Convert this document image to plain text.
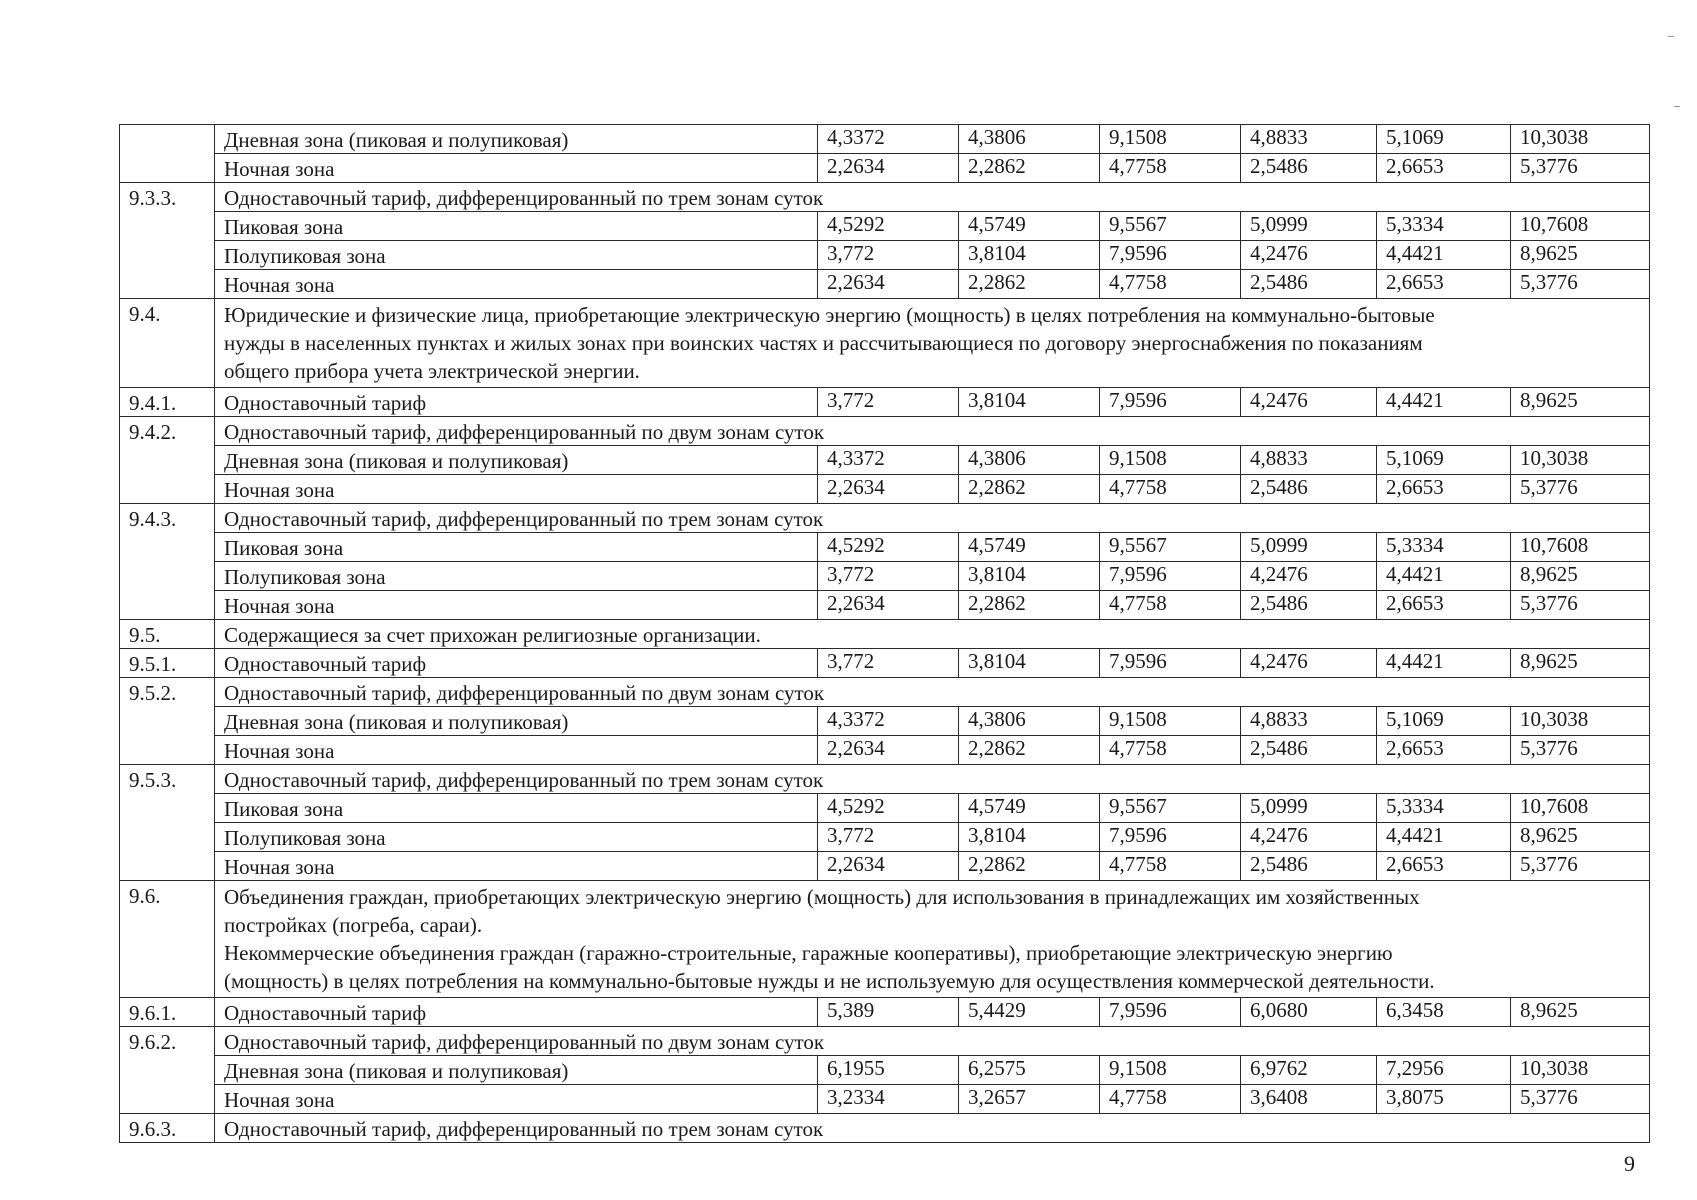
	Дневная зона (пиковая и полупиковая)	4,3372	4,3806	9,1508	4,8833	5,1069	10,3038
	Ночная зона	2,2634	2,2862	4,7758	2,5486	2,6653	5,3776
9.3.3.	Одноставочный тариф, дифференцированный по трем зонам суток						
	Пиковая зона	4,5292	4,5749	9,5567	5,0999	5,3334	10,7608
	Полупиковая зона	3,772	3,8104	7,9596	4,2476	4,4421	8,9625
	Ночная зона	2,2634	2,2862	4,7758	2,5486	2,6653	5,3776
9.4.	Юридические и физические лица, приобретающие электрическую энергию (мощность) в целях потребления на коммунально-бытовые
нужды в населенных пунктах и жилых зонах при воинских частях и рассчитывающиеся по договору энергоснабжения по показаниям
общего прибора учета электрической энергии.						

9.4.1.	Одноставочный тариф	3,772	3,8104	7,9596	4,2476	4,4421	8,9625
9.4.2.	Одноставочный тариф, дифференцированный по двум зонам суток						
	Дневная зона (пиковая и полупиковая)	4,3372	4,3806	9,1508	4,8833	5,1069	10,3038
	Ночная зона	2,2634	2,2862	4,7758	2,5486	2,6653	5,3776
9.4.3.	Одноставочный тариф, дифференцированный по трем зонам суток						
	Пиковая зона	4,5292	4,5749	9,5567	5,0999	5,3334	10,7608
	Полупиковая зона	3,772	3,8104	7,9596	4,2476	4,4421	8,9625
	Ночная зона	2,2634	2,2862	4,7758	2,5486	2,6653	5,3776
9.5.	Содержащиеся за счет прихожан религиозные организации.						
9.5.1.	Одноставочный тариф	3,772	3,8104	7,9596	4,2476	4,4421	8,9625
9.5.2.	Одноставочный тариф, дифференцированный по двум зонам суток						
	Дневная зона (пиковая и полупиковая)	4,3372	4,3806	9,1508	4,8833	5,1069	10,3038
	Ночная зона	2,2634	2,2862	4,7758	2,5486	2,6653	5,3776
9.5.3.	Одноставочный тариф, дифференцированный по трем зонам суток						
	Пиковая зона	4,5292	4,5749	9,5567	5,0999	5,3334	10,7608
	Полупиковая зона	3,772	3,8104	7,9596	4,2476	4,4421	8,9625
	Ночная зона	2,2634	2,2862	4,7758	2,5486	2,6653	5,3776
9.6.	Объединения граждан, приобретающих электрическую энергию (мощность) для использования в принадлежащих им хозяйственных
постройках (погреба, сараи).
Некоммерческие объединения граждан (гаражно-строительные, гаражные кооперативы), приобретающие электрическую энергию
(мощность) в целях потребления на коммунально-бытовые нужды и не используемую для осуществления коммерческой деятельности.						

9.6.1.	Одноставочный тариф	5,389	5,4429	7,9596	6,0680	6,3458	8,9625
9.6.2.	Одноставочный тариф, дифференцированный по двум зонам суток						
	Дневная зона (пиковая и полупиковая)	6,1955	6,2575	9,1508	6,9762	7,2956	10,3038
	Ночная зона	3,2334	3,2657	4,7758	3,6408	3,8075	5,3776
9.6.3.	Одноставочный тариф, дифференцированный по трем зонам суток						
9
